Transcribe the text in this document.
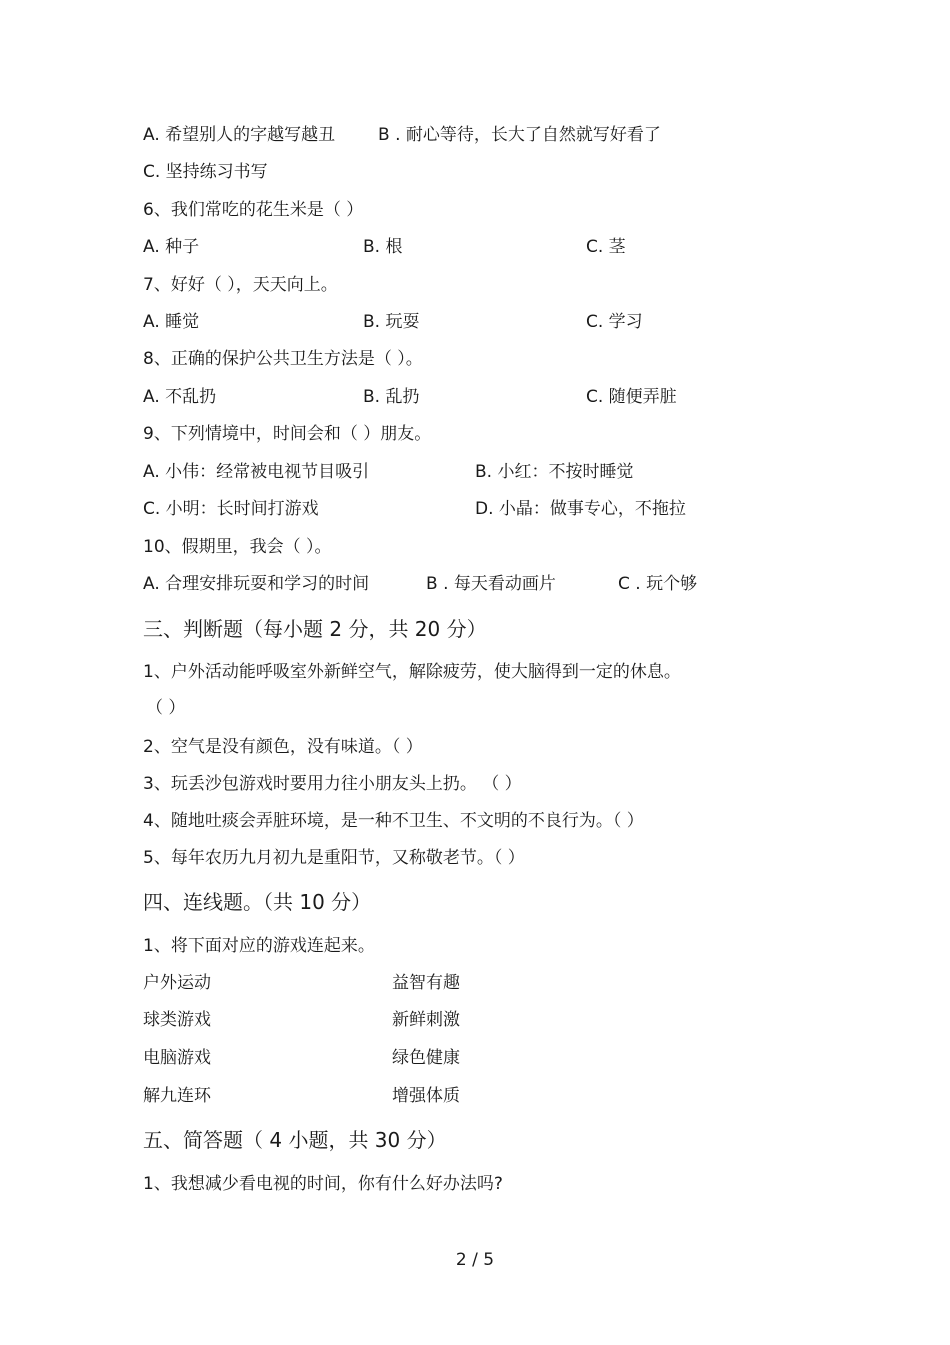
A. 希望别人的字越写越丑	B . 耐心等待，长大了自然就写好看了
C. 坚持练习书写
6、我们常吃的花生米是（ ）
A. 种子	B. 根	C. 茎
7、好好（ ），天天向上。
A. 睡觉	B. 玩耍	C. 学习
8、正确的保护公共卫生方法是（ ）。
A. 不乱扔	B. 乱扔	C. 随便弄脏
9、下列情境中，时间会和（ ）朋友。
A. 小伟：经常被电视节目吸引	B. 小红：不按时睡觉
C. 小明：长时间打游戏	D. 小晶：做事专心，不拖拉
10、假期里，我会（ ）。
A. 合理安排玩耍和学习的时间	B . 每天看动画片	C . 玩个够
三、判断题（每小题 2 分，共 20 分）
1、户外活动能呼吸室外新鲜空气，解除疲劳，使大脑得到一定的休息。
（ ）
2、空气是没有颜色，没有味道。（ ）
3、玩丢沙包游戏时要用力往小朋友头上扔。 （ ）
4、随地吐痰会弄脏环境，是一种不卫生、不文明的不良行为。（ ）
5、每年农历九月初九是重阳节，又称敬老节。（ ）
四、连线题。（共 10 分）
1、将下面对应的游戏连起来。
户外运动	益智有趣
球类游戏	新鲜刺激
电脑游戏	绿色健康
解九连环	增强体质
五、简答题（ 4 小题，共 30 分）
1、我想减少看电视的时间，你有什么好办法吗?
2 / 5
